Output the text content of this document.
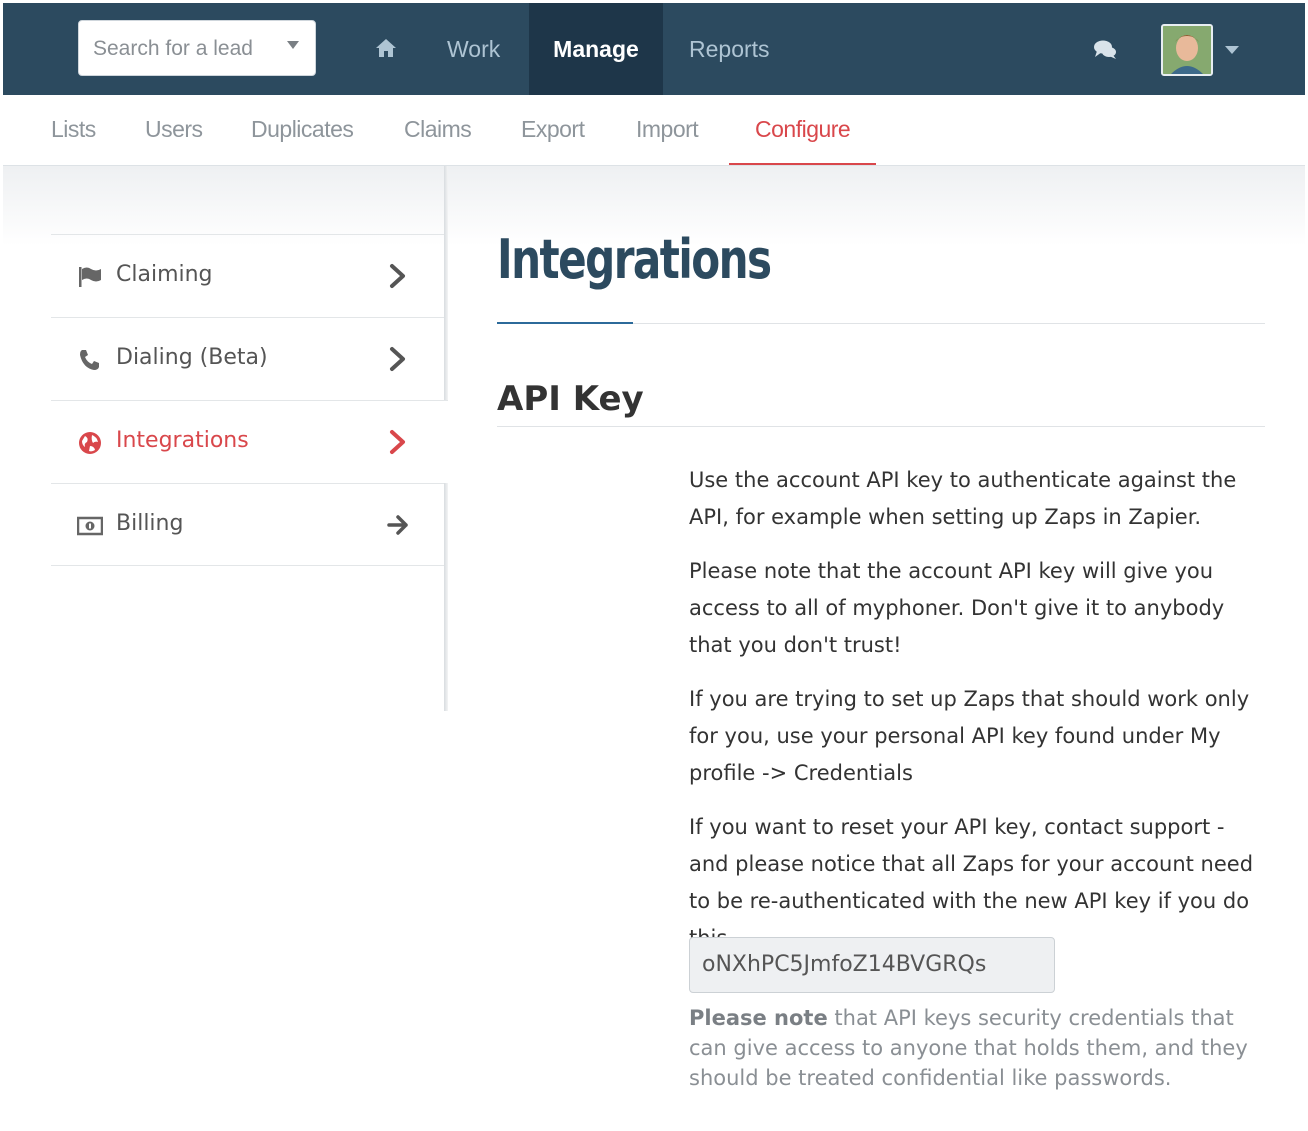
Search for a lead	Work	Manage	Reports
Lists Users Duplicates Claims Export Import	Configure
Claiming
Dialing (Beta)
Integrations
Billing
Integrations
API Key

Use the account API key to authenticate against the API, for example when setting up Zaps in Zapier.

Please note that the account API key will give you access to all of myphoner. Don't give it to anybody that you don't trust!

If you are trying to set up Zaps that should work only for you, use your personal API key found under My profile -> Credentials

If you want to reset your API key, contact support - and please notice that all Zaps for your account need to be re-authenticated with the new API key if you do

oNXhPC5JmfoZ14BVGRQs
Please note that API keys security credentials that can give access to anyone that holds them, and they should be treated confidential like passwords.
